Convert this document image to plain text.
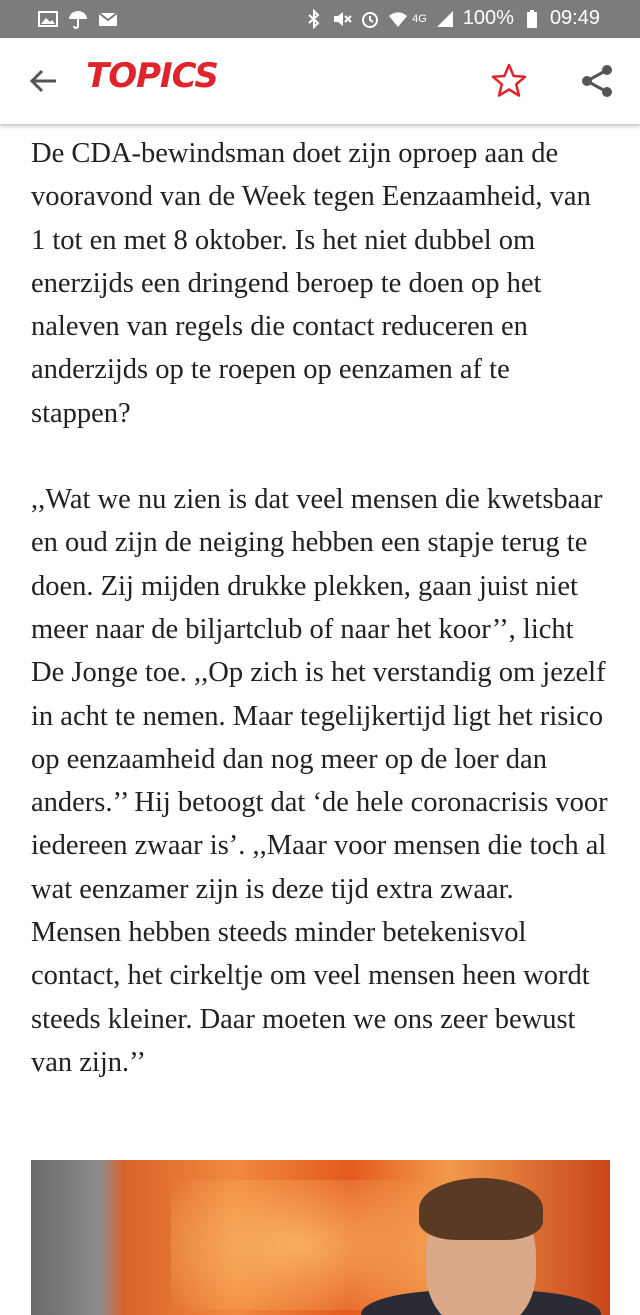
4G 100% 09:49
TOPICS

De CDA-bewindsman doet zijn oproep aan de vooravond van de Week tegen Eenzaamheid, van 1 tot en met 8 oktober. Is het niet dubbel om enerzijds een dringend beroep te doen op het naleven van regels die contact reduceren en anderzijds op te roepen op eenzamen af te stappen?

,,Wat we nu zien is dat veel mensen die kwetsbaar en oud zijn de neiging hebben een stapje terug te doen. Zij mijden drukke plekken, gaan juist niet meer naar de biljartclub of naar het koor’’, licht De Jonge toe. ,,Op zich is het verstandig om jezelf in acht te nemen. Maar tegelijkertijd ligt het risico op eenzaamheid dan nog meer op de loer dan anders.’’ Hij betoogt dat ‘de hele coronacrisis voor iedereen zwaar is’. ,,Maar voor mensen die toch al wat eenzamer zijn is deze tijd extra zwaar. Mensen hebben steeds minder betekenisvol contact, het cirkeltje om veel mensen heen wordt steeds kleiner. Daar moeten we ons zeer bewust van zijn.’’
